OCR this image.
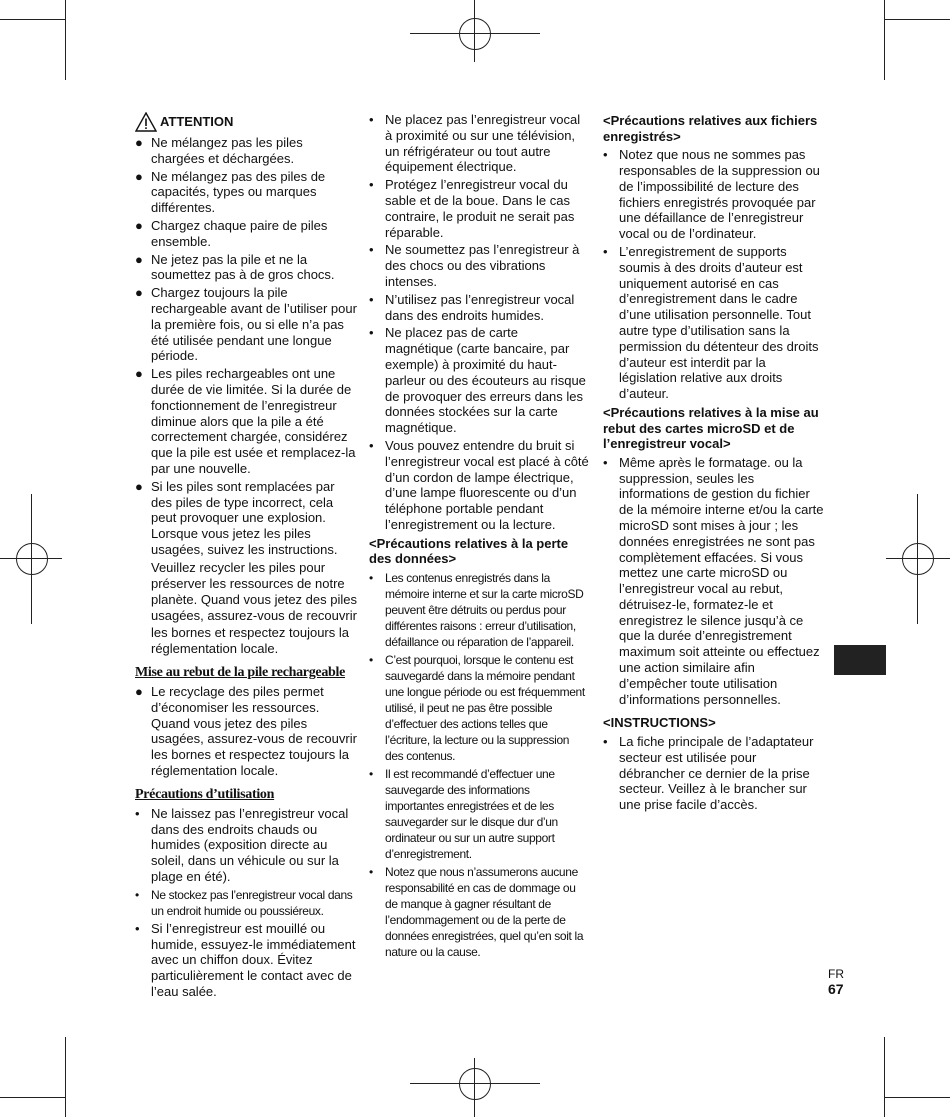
ATTENTION
● Ne mélangez pas les piles chargées et déchargées.
● Ne mélangez pas des piles de capacités, types ou marques différentes.
● Chargez chaque paire de piles ensemble.
● Ne jetez pas la pile et ne la soumettez pas à de gros chocs.
● Chargez toujours la pile rechargeable avant de l’utiliser pour la première fois, ou si elle n’a pas été utilisée pendant une longue période.
● Les piles rechargeables ont une durée de vie limitée. Si la durée de fonctionnement de l’enregistreur diminue alors que la pile a été correctement chargée, considérez que la pile est usée et remplacez-la par une nouvelle.
● Si les piles sont remplacées par des piles de type incorrect, cela peut provoquer une explosion. Lorsque vous jetez les piles usagées, suivez les instructions.
Veuillez recycler les piles pour préserver les ressources de notre planète. Quand vous jetez des piles usagées, assurez-vous de recouvrir les bornes et respectez toujours la réglementation locale.
Mise au rebut de la pile rechargeable
● Le recyclage des piles permet d’économiser les ressources. Quand vous jetez des piles usagées, assurez-vous de recouvrir les bornes et respectez toujours la réglementation locale.
Précautions d’utilisation
• Ne laissez pas l’enregistreur vocal dans des endroits chauds ou humides (exposition directe au soleil, dans un véhicule ou sur la plage en été).
• Ne stockez pas l’enregistreur vocal dans un endroit humide ou poussiéreux.
• Si l’enregistreur est mouillé ou humide, essuyez-le immédiatement avec un chiffon doux. Évitez particulièrement le contact avec de l’eau salée.
• Ne placez pas l’enregistreur vocal à proximité ou sur une télévision, un réfrigérateur ou tout autre équipement électrique.
• Protégez l’enregistreur vocal du sable et de la boue. Dans le cas contraire, le produit ne serait pas réparable.
• Ne soumettez pas l’enregistreur à des chocs ou des vibrations intenses.
• N’utilisez pas l’enregistreur vocal dans des endroits humides.
• Ne placez pas de carte magnétique (carte bancaire, par exemple) à proximité du haut-parleur ou des écouteurs au risque de provoquer des erreurs dans les données stockées sur la carte magnétique.
• Vous pouvez entendre du bruit si l’enregistreur vocal est placé à côté d’un cordon de lampe électrique, d’une lampe fluorescente ou d’un téléphone portable pendant l’enregistrement ou la lecture.
<Précautions relatives à la perte des données>
• Les contenus enregistrés dans la mémoire interne et sur la carte microSD peuvent être détruits ou perdus pour différentes raisons : erreur d’utilisation, défaillance ou réparation de l’appareil.
• C’est pourquoi, lorsque le contenu est sauvegardé dans la mémoire pendant une longue période ou est fréquemment utilisé, il peut ne pas être possible d’effectuer des actions telles que l’écriture, la lecture ou la suppression des contenus.
• Il est recommandé d’effectuer une sauvegarde des informations importantes enregistrées et de les sauvegarder sur le disque dur d’un ordinateur ou sur un autre support d’enregistrement.
• Notez que nous n’assumerons aucune responsabilité en cas de dommage ou de manque à gagner résultant de l’endommagement ou de la perte de données enregistrées, quel qu’en soit la nature ou la cause.
<Précautions relatives aux fichiers enregistrés>
• Notez que nous ne sommes pas responsables de la suppression ou de l’impossibilité de lecture des fichiers enregistrés provoquée par une défaillance de l’enregistreur vocal ou de l’ordinateur.
• L’enregistrement de supports soumis à des droits d’auteur est uniquement autorisé en cas d’enregistrement dans le cadre d’une utilisation personnelle. Tout autre type d’utilisation sans la permission du détenteur des droits d’auteur est interdit par la législation relative aux droits d’auteur.
<Précautions relatives à la mise au rebut des cartes microSD et de l’enregistreur vocal>
• Même après le formatage. ou la suppression, seules les informations de gestion du fichier de la mémoire interne et/ou la carte microSD sont mises à jour ; les données enregistrées ne sont pas complètement effacées. Si vous mettez une carte microSD ou l’enregistreur vocal au rebut, détruisez-le, formatez-le et enregistrez le silence jusqu’à ce que la durée d’enregistrement maximum soit atteinte ou effectuez une action similaire afin d’empêcher toute utilisation d’informations personnelles.
<INSTRUCTIONS>
• La fiche principale de l’adaptateur secteur est utilisée pour débrancher ce dernier de la prise secteur. Veillez à le brancher sur une prise facile d’accès.
FR
67
